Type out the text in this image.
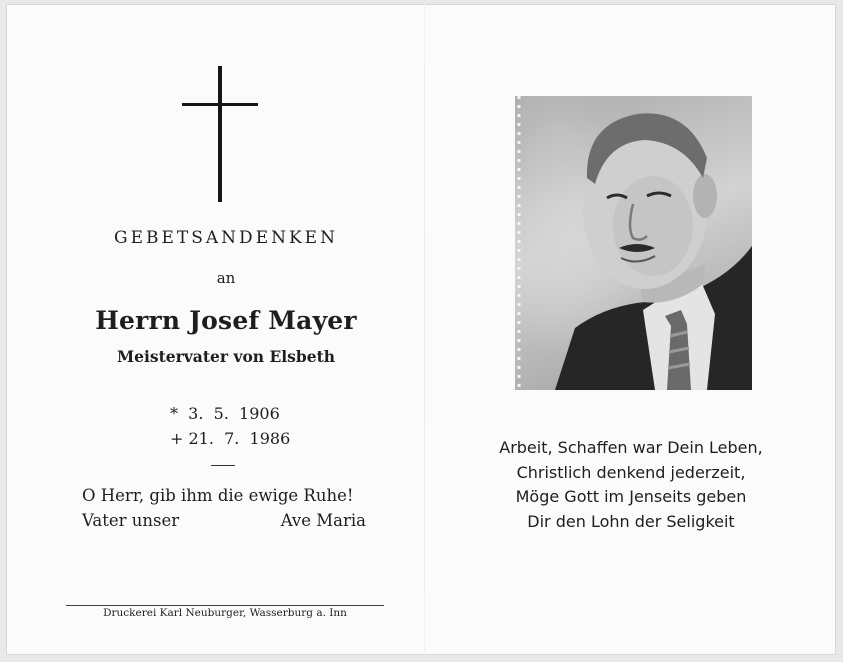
GEBETSANDENKEN
an
Herrn Josef Mayer
Meistervater von Elsbeth
*  3.  5.  1906
+ 21.  7.  1986
O Herr, gib ihm die ewige Ruhe!
Vater unser	Ave Maria
Druckerei Karl Neuburger, Wasserburg a. Inn
Arbeit, Schaffen war Dein Leben,
Christlich denkend jederzeit,
Möge Gott im Jenseits geben
Dir den Lohn der Seligkeit
